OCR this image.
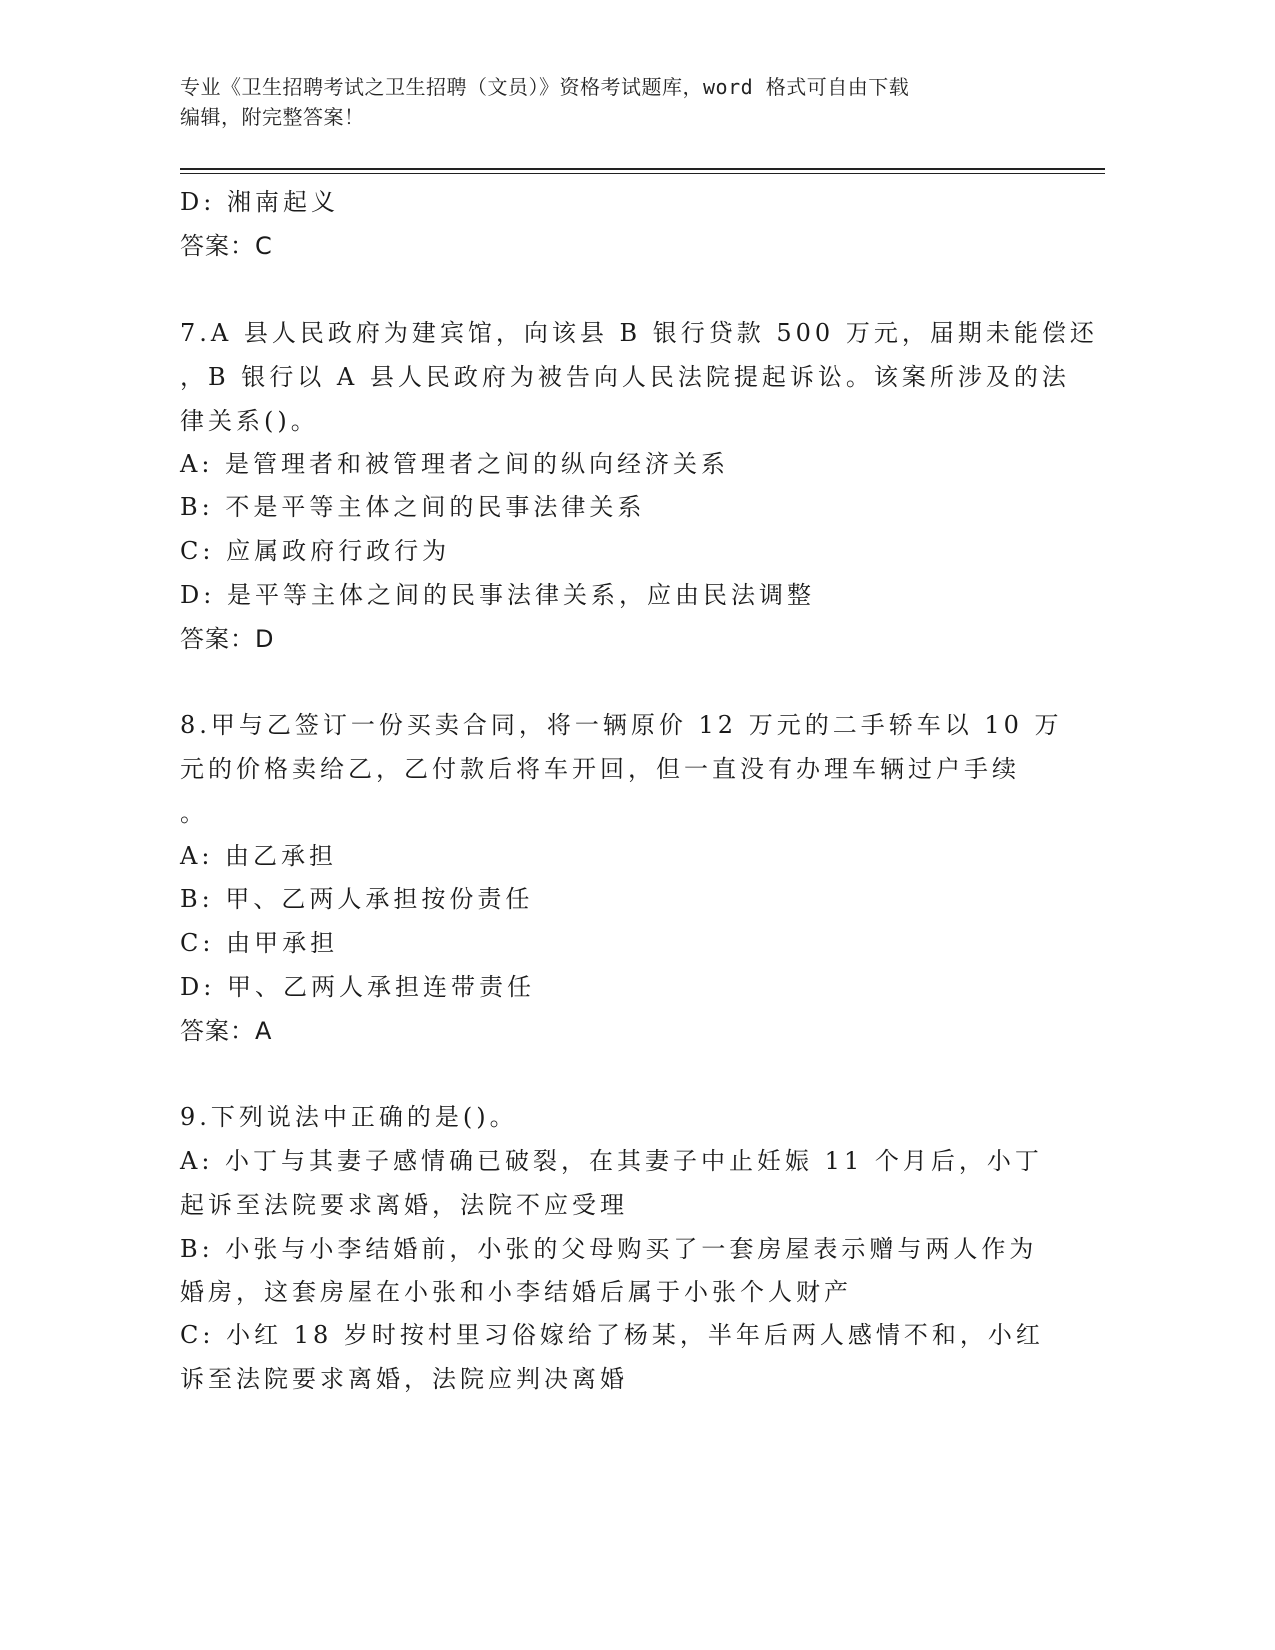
专业《卫生招聘考试之卫生招聘（文员）》资格考试题库，word 格式可自由下载
编辑，附完整答案！
D: 湘南起义
答案：C
7.A 县人民政府为建宾馆，向该县 B 银行贷款 500 万元，届期未能偿还
，B 银行以 A 县人民政府为被告向人民法院提起诉讼。该案所涉及的法
律关系()。
A: 是管理者和被管理者之间的纵向经济关系
B: 不是平等主体之间的民事法律关系
C: 应属政府行政行为
D: 是平等主体之间的民事法律关系，应由民法调整
答案：D
8.甲与乙签订一份买卖合同，将一辆原价 12 万元的二手轿车以 10 万
元的价格卖给乙，乙付款后将车开回，但一直没有办理车辆过户手续
。
A: 由乙承担
B: 甲、乙两人承担按份责任
C: 由甲承担
D: 甲、乙两人承担连带责任
答案：A
9.下列说法中正确的是()。
A: 小丁与其妻子感情确已破裂，在其妻子中止妊娠 11 个月后，小丁
起诉至法院要求离婚，法院不应受理
B: 小张与小李结婚前，小张的父母购买了一套房屋表示赠与两人作为
婚房，这套房屋在小张和小李结婚后属于小张个人财产
C: 小红 18 岁时按村里习俗嫁给了杨某，半年后两人感情不和，小红
诉至法院要求离婚，法院应判决离婚
